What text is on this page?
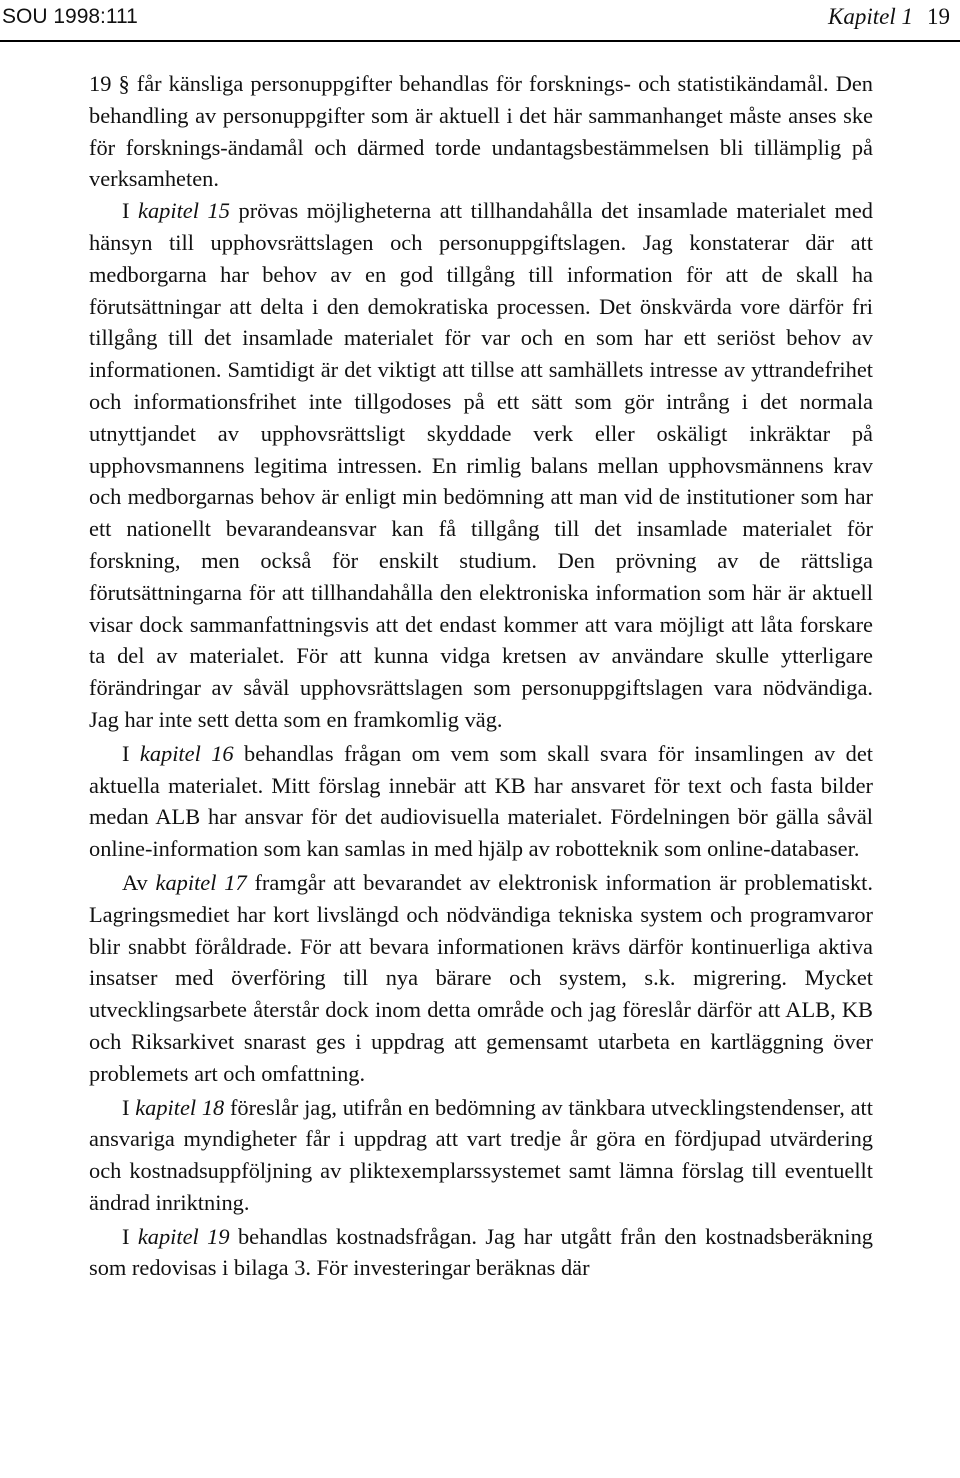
SOU 1998:111	Kapitel 1 19

19 § får känsliga personuppgifter behandlas för forsknings- och statistikändamål. Den behandling av personuppgifter som är aktuell i det här sammanhanget måste anses ske för forsknings-ändamål och därmed torde undantagsbestämmelsen bli tillämplig på verksamheten.

I kapitel 15 prövas möjligheterna att tillhandahålla det insamlade materialet med hänsyn till upphovsrättslagen och personuppgiftslagen. Jag konstaterar där att medborgarna har behov av en god tillgång till information för att de skall ha förutsättningar att delta i den demokratiska processen. Det önskvärda vore därför fri tillgång till det insamlade materialet för var och en som har ett seriöst behov av informationen. Samtidigt är det viktigt att tillse att samhällets intresse av yttrandefrihet och informationsfrihet inte tillgodoses på ett sätt som gör intrång i det normala utnyttjandet av upphovsrättsligt skyddade verk eller oskäligt inkräktar på upphovsmannens legitima intressen. En rimlig balans mellan upphovsmännens krav och medborgarnas behov är enligt min bedömning att man vid de institutioner som har ett nationellt bevarandeansvar kan få tillgång till det insamlade materialet för forskning, men också för enskilt studium. Den prövning av de rättsliga förutsättningarna för att tillhandahålla den elektroniska information som här är aktuell visar dock sammanfattningsvis att det endast kommer att vara möjligt att låta forskare ta del av materialet. För att kunna vidga kretsen av användare skulle ytterligare förändringar av såväl upphovsrättslagen som personuppgiftslagen vara nödvändiga. Jag har inte sett detta som en framkomlig väg.

I kapitel 16 behandlas frågan om vem som skall svara för insamlingen av det aktuella materialet. Mitt förslag innebär att KB har ansvaret för text och fasta bilder medan ALB har ansvar för det audiovisuella materialet. Fördelningen bör gälla såväl online-information som kan samlas in med hjälp av robotteknik som online-databaser.

Av kapitel 17 framgår att bevarandet av elektronisk information är problematiskt. Lagringsmediet har kort livslängd och nödvändiga tekniska system och programvaror blir snabbt föråldrade. För att bevara informationen krävs därför kontinuerliga aktiva insatser med överföring till nya bärare och system, s.k. migrering. Mycket utvecklingsarbete återstår dock inom detta område och jag föreslår därför att ALB, KB och Riksarkivet snarast ges i uppdrag att gemensamt utarbeta en kartläggning över problemets art och omfattning.

I kapitel 18 föreslår jag, utifrån en bedömning av tänkbara utvecklingstendenser, att ansvariga myndigheter får i uppdrag att vart tredje år göra en fördjupad utvärdering och kostnadsuppföljning av pliktexemplarssystemet samt lämna förslag till eventuellt ändrad inriktning.

I kapitel 19 behandlas kostnadsfrågan. Jag har utgått från den kostnadsberäkning som redovisas i bilaga 3. För investeringar beräknas där
